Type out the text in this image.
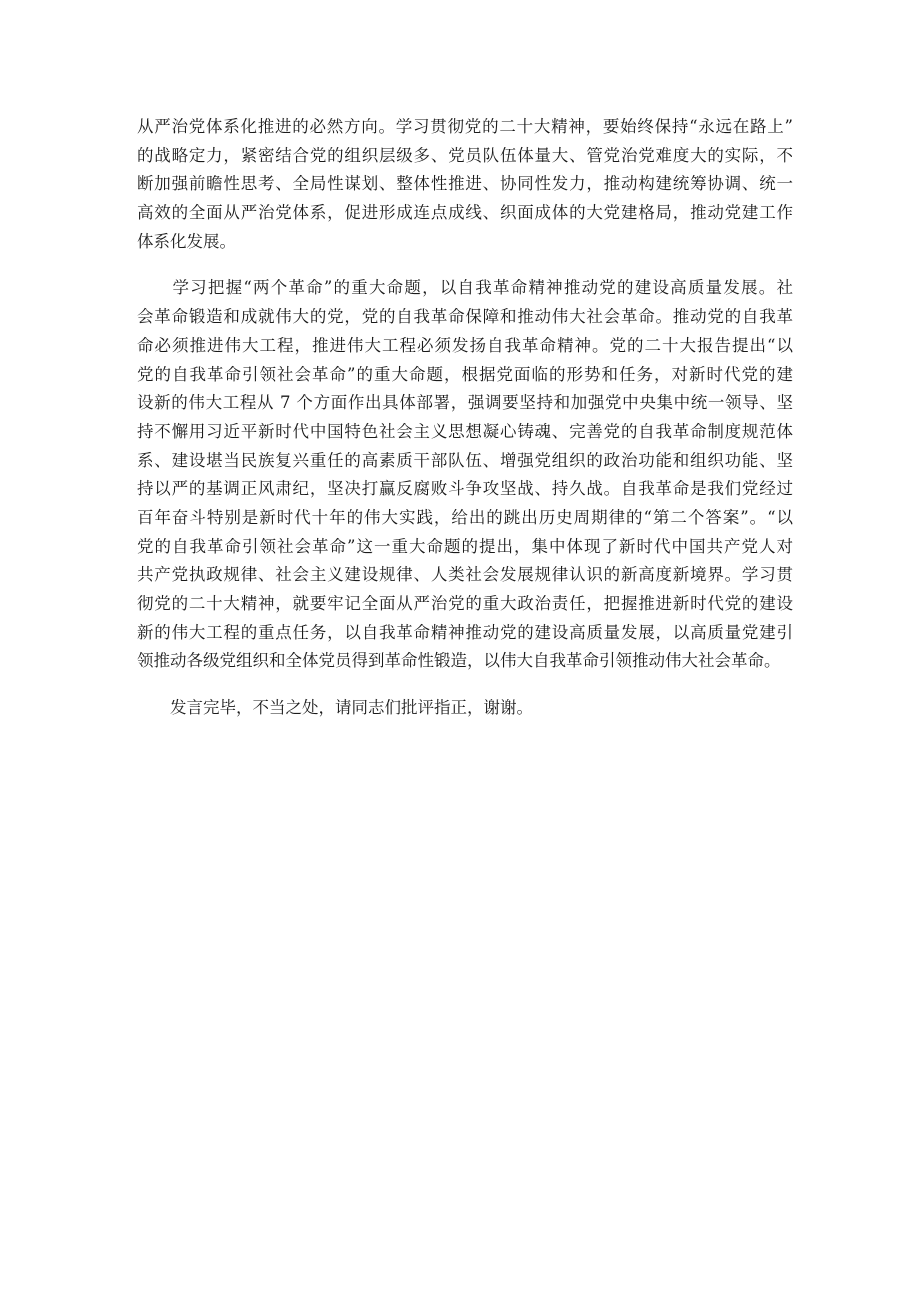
从严治党体系化推进的必然方向。学习贯彻党的二十大精神，要始终保持“永远在路上”
的战略定力，紧密结合党的组织层级多、党员队伍体量大、管党治党难度大的实际，不
断加强前瞻性思考、全局性谋划、整体性推进、协同性发力，推动构建统筹协调、统一
高效的全面从严治党体系，促进形成连点成线、织面成体的大党建格局，推动党建工作
体系化发展。
　　学习把握“两个革命”的重大命题，以自我革命精神推动党的建设高质量发展。社
会革命锻造和成就伟大的党，党的自我革命保障和推动伟大社会革命。推动党的自我革
命必须推进伟大工程，推进伟大工程必须发扬自我革命精神。党的二十大报告提出“以
党的自我革命引领社会革命”的重大命题，根据党面临的形势和任务，对新时代党的建
设新的伟大工程从 7 个方面作出具体部署，强调要坚持和加强党中央集中统一领导、坚
持不懈用习近平新时代中国特色社会主义思想凝心铸魂、完善党的自我革命制度规范体
系、建设堪当民族复兴重任的高素质干部队伍、增强党组织的政治功能和组织功能、坚
持以严的基调正风肃纪，坚决打赢反腐败斗争攻坚战、持久战。自我革命是我们党经过
百年奋斗特别是新时代十年的伟大实践，给出的跳出历史周期律的“第二个答案”。“以
党的自我革命引领社会革命”这一重大命题的提出，集中体现了新时代中国共产党人对
共产党执政规律、社会主义建设规律、人类社会发展规律认识的新高度新境界。学习贯
彻党的二十大精神，就要牢记全面从严治党的重大政治责任，把握推进新时代党的建设
新的伟大工程的重点任务，以自我革命精神推动党的建设高质量发展，以高质量党建引
领推动各级党组织和全体党员得到革命性锻造，以伟大自我革命引领推动伟大社会革命。
　　发言完毕，不当之处，请同志们批评指正，谢谢。
